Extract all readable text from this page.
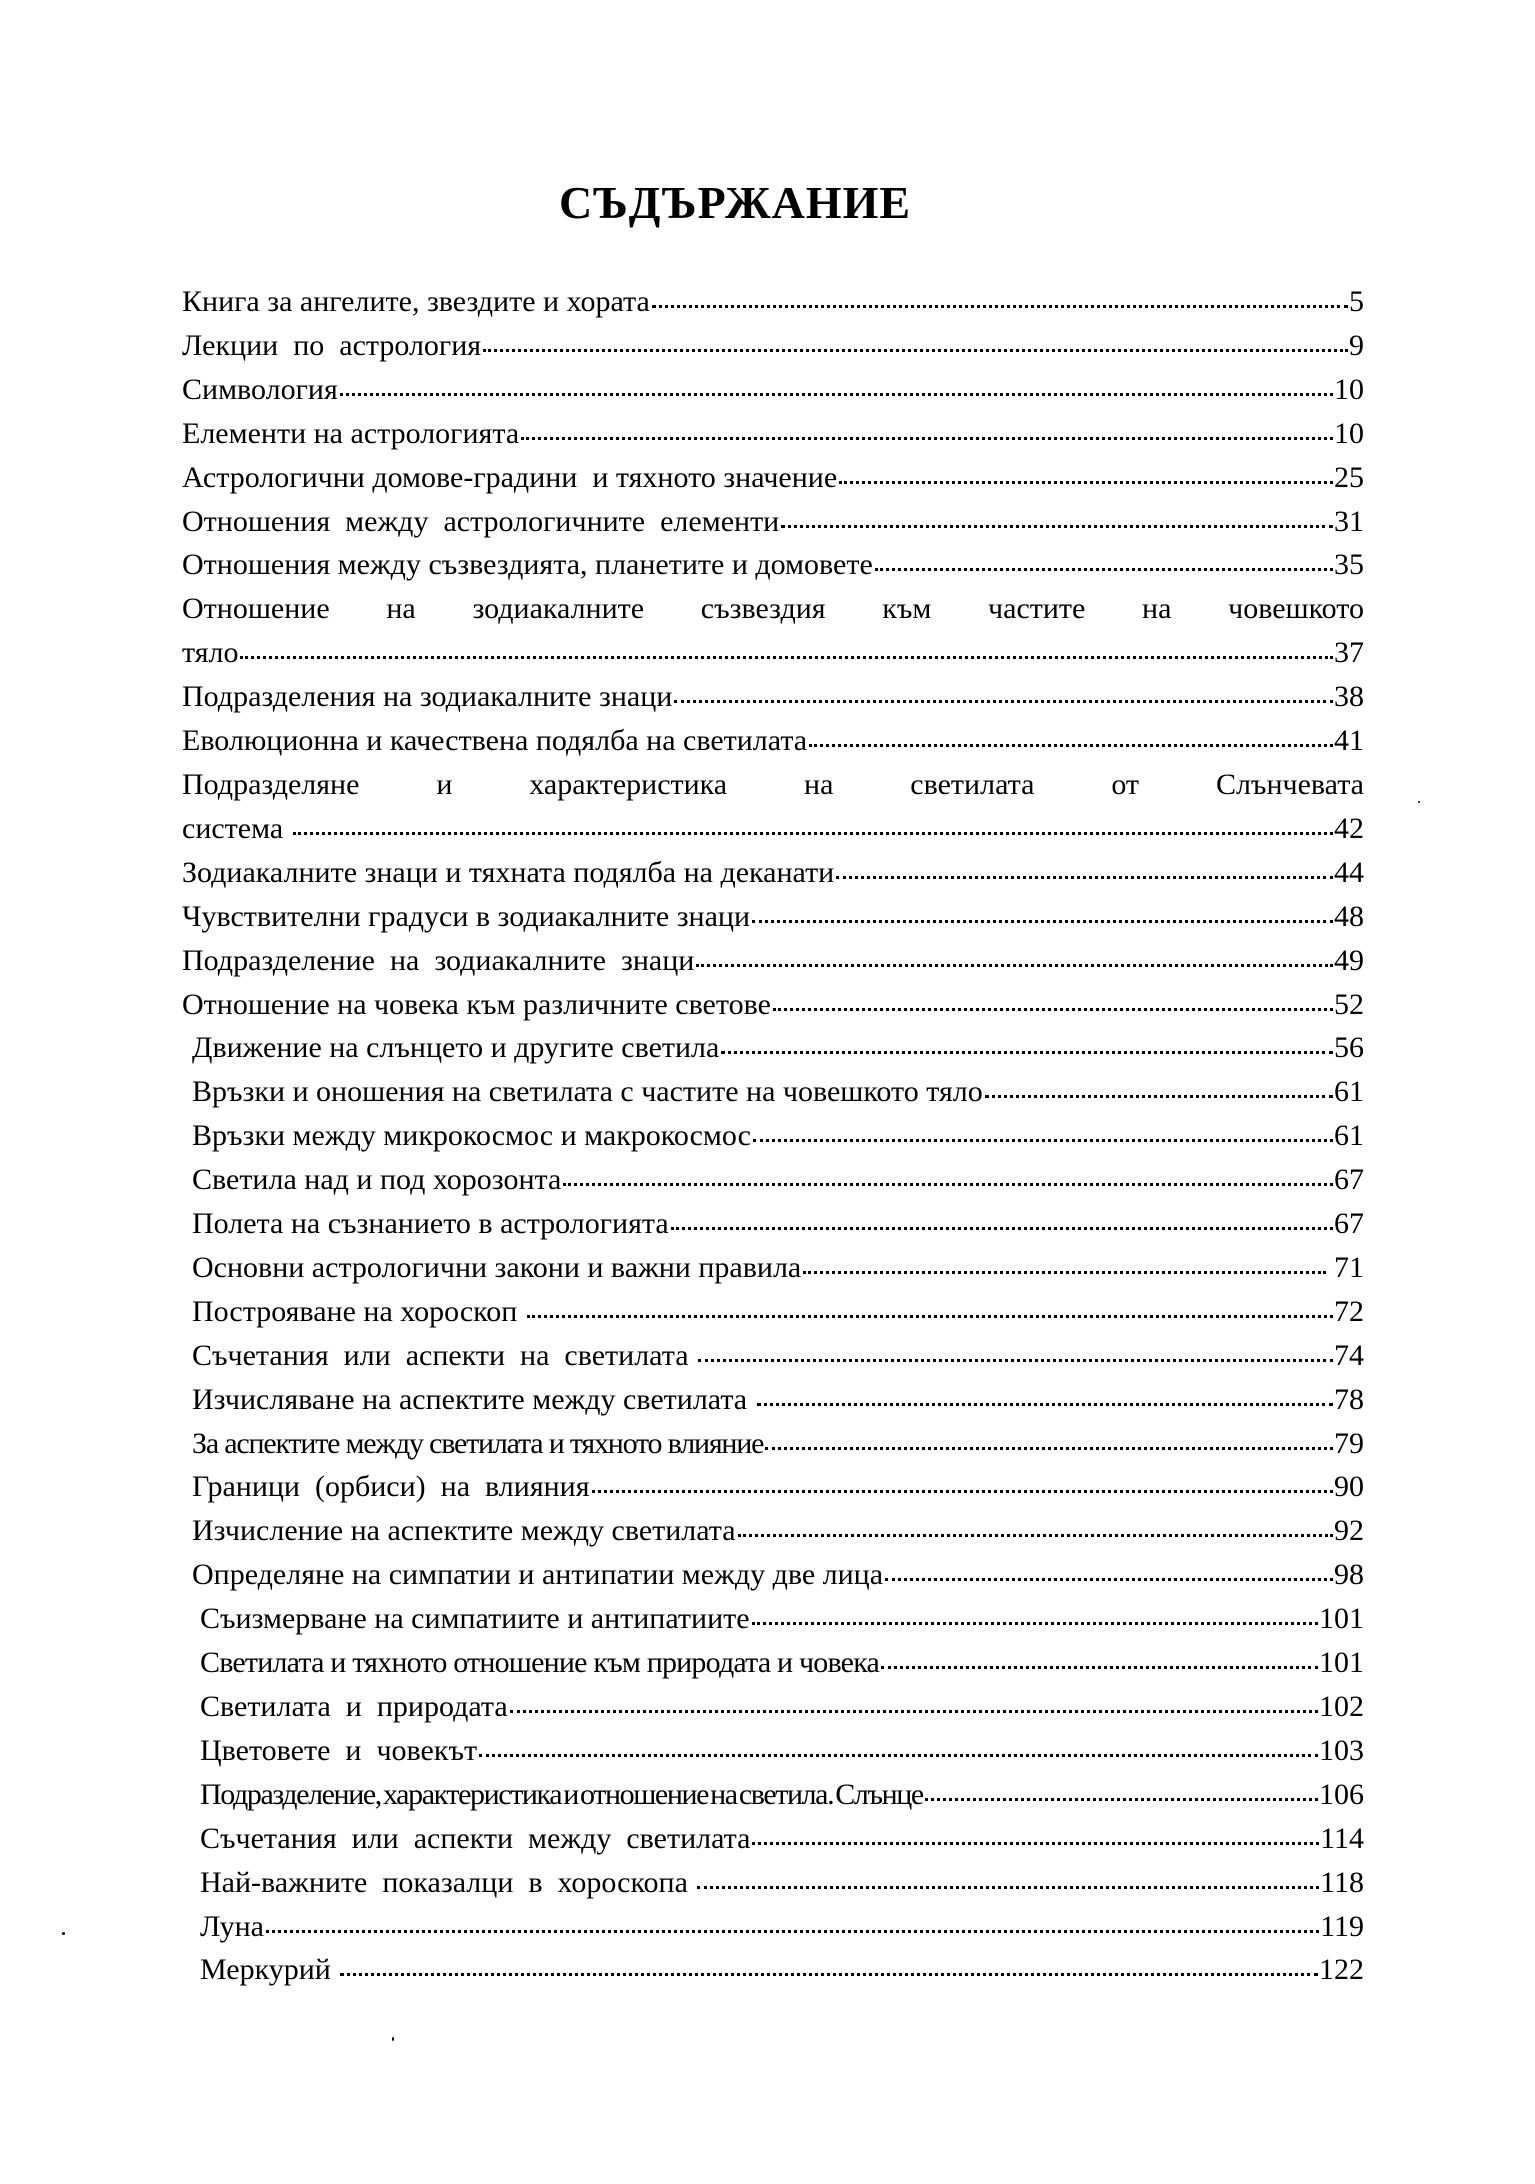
СЪДЪРЖАНИЕ
Книга за ангелите, звездите и хората	5
Лекции  по  астрология	9
Симвология	10
Елементи на астрологията	10
Астрологични домове-градини  и тяхното значение	25
Отношения  между  астрологичните  елементи	31
Отношения между съзвездията, планетите и домовете	35
Отношение на зодиакалните съзвездия към частите на човешкото
тяло	37
Подразделения на зодиакалните знаци	38
Еволюционна и качествена подялба на светилата	41
Подразделяне и характеристика на светилата от Слънчевата
система	42
Зодиакалните знаци и тяхната подялба на деканати	44
Чувствителни градуси в зодиакалните знаци	48
Подразделение  на  зодиакалните  знаци	49
Отношение на човека към различните светове	52
Движение на слънцето и другите светила	56
Връзки и оношения на светилата с частите на човешкото тяло	61
Връзки между микрокосмос и макрокосмос	61
Светила над и под хорозонта	67
Полета на съзнанието в астрологията	67
Основни астрологични закони и важни правила	71
Построяване на хороскоп	72
Съчетания  или  аспекти  на  светилата	74
Изчисляване на аспектите между светилата	78
За аспектите между светилата и тяхното влияние	79
Граници  (орбиси)  на  влияния	90
Изчисление на аспектите между светилата	92
Определяне на симпатии и антипатии между две лица	98
Съизмерване на симпатиите и антипатиите	101
Светилата и тяхното отношение към природата и човека	101
Светилата  и  природата	102
Цветовете  и  човекът	103
Подразделение, характеристика и отношение на светила. Слънце	106
Съчетания  или  аспекти  между  светилата	114
Най-важните  показалци  в  хороскопа	118
Луна	119
Меркурий	122
